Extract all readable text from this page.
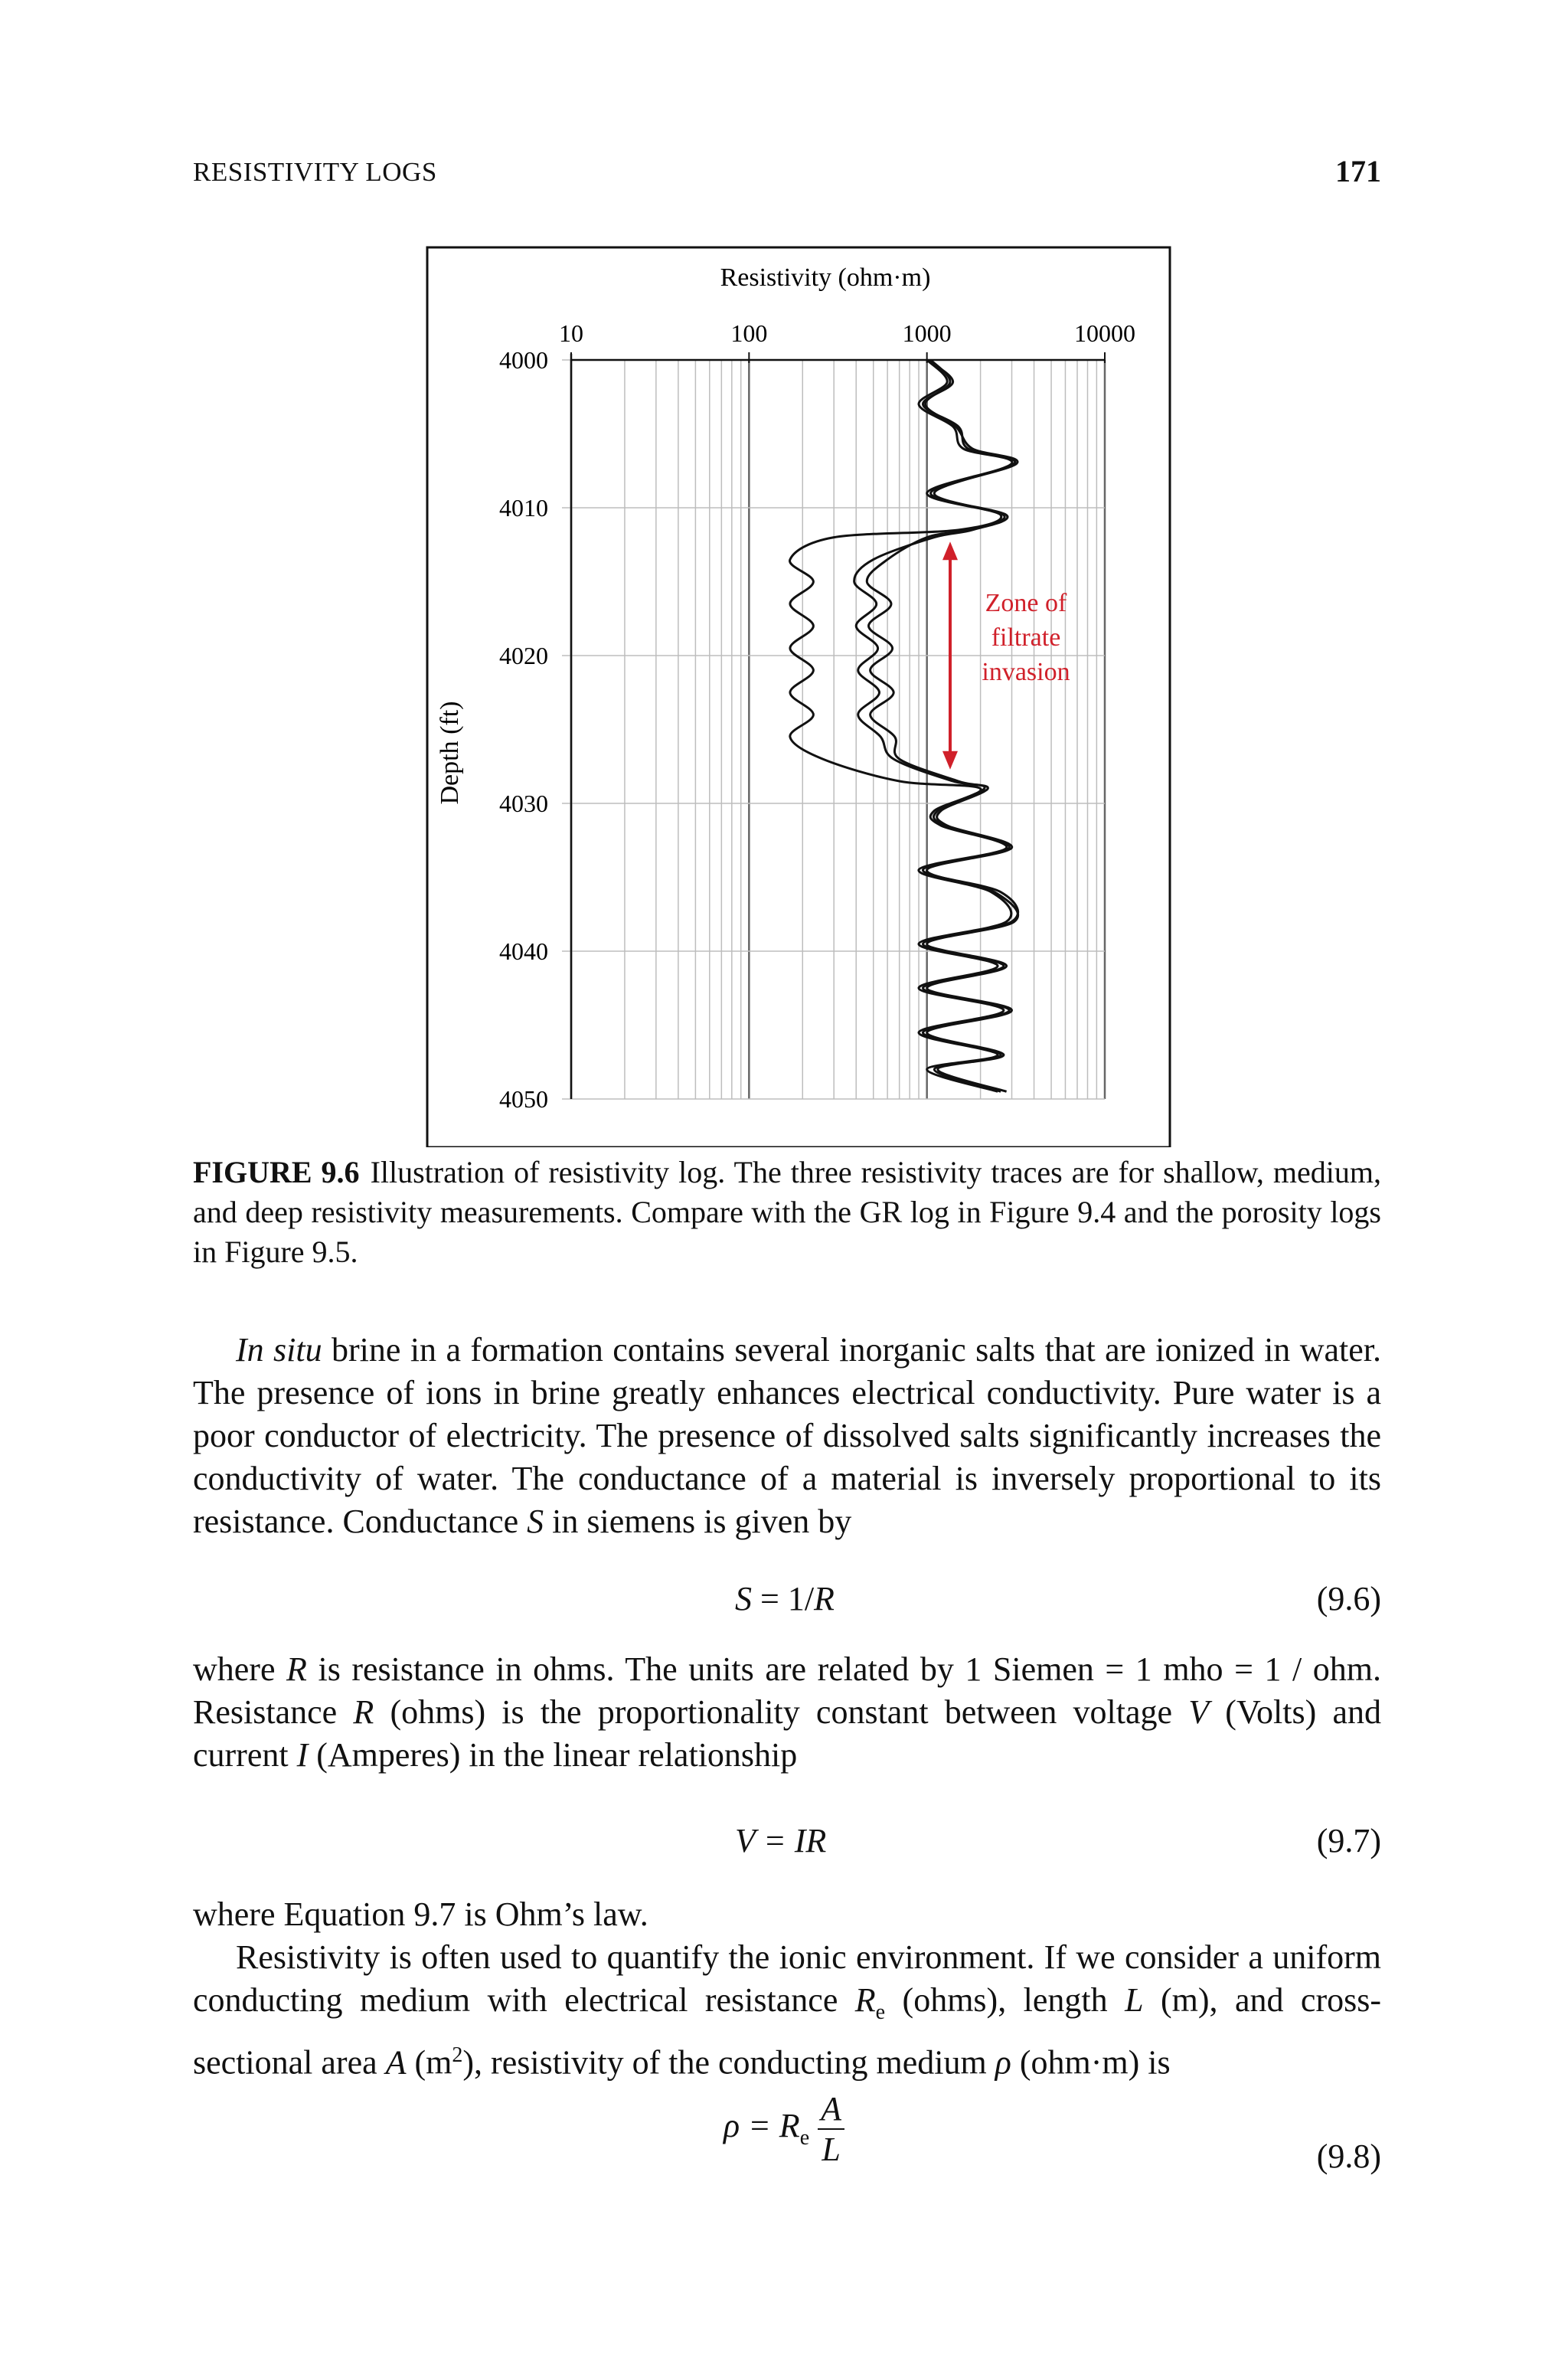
RESISTIVITY LOGS	171
Resistivity (ohm·m)
Depth (ft)
10	100	1000	10000
4000
4010
4020
4030
4040
4050
Zone of
filtrate
invasion
FIGURE 9.6 Illustration of resistivity log. The three resistivity traces are for shallow, medium, and deep resistivity measurements. Compare with the GR log in Figure 9.4 and the porosity logs in Figure 9.5.

In situ brine in a formation contains several inorganic salts that are ionized in water. The presence of ions in brine greatly enhances electrical conductivity. Pure water is a poor conductor of electricity. The presence of dissolved salts significantly increases the conductivity of water. The conductance of a material is inversely proportional to its resistance. Conductance S in siemens is given by

S = 1/R	(9.6)

where R is resistance in ohms. The units are related by 1 Siemen = 1 mho = 1 / ohm. Resistance R (ohms) is the proportionality constant between voltage V (Volts) and current I (Amperes) in the linear relationship

V = IR	(9.7)

where Equation 9.7 is Ohm’s law.

Resistivity is often used to quantify the ionic environment. If we consider a uniform conducting medium with electrical resistance $R_e$ (ohms), length L (m), and cross-sectional area A $(m^2)$, resistivity of the conducting medium ρ (ohm·m) is

$\rho = R_e \frac{A}{L}$	(9.8)
